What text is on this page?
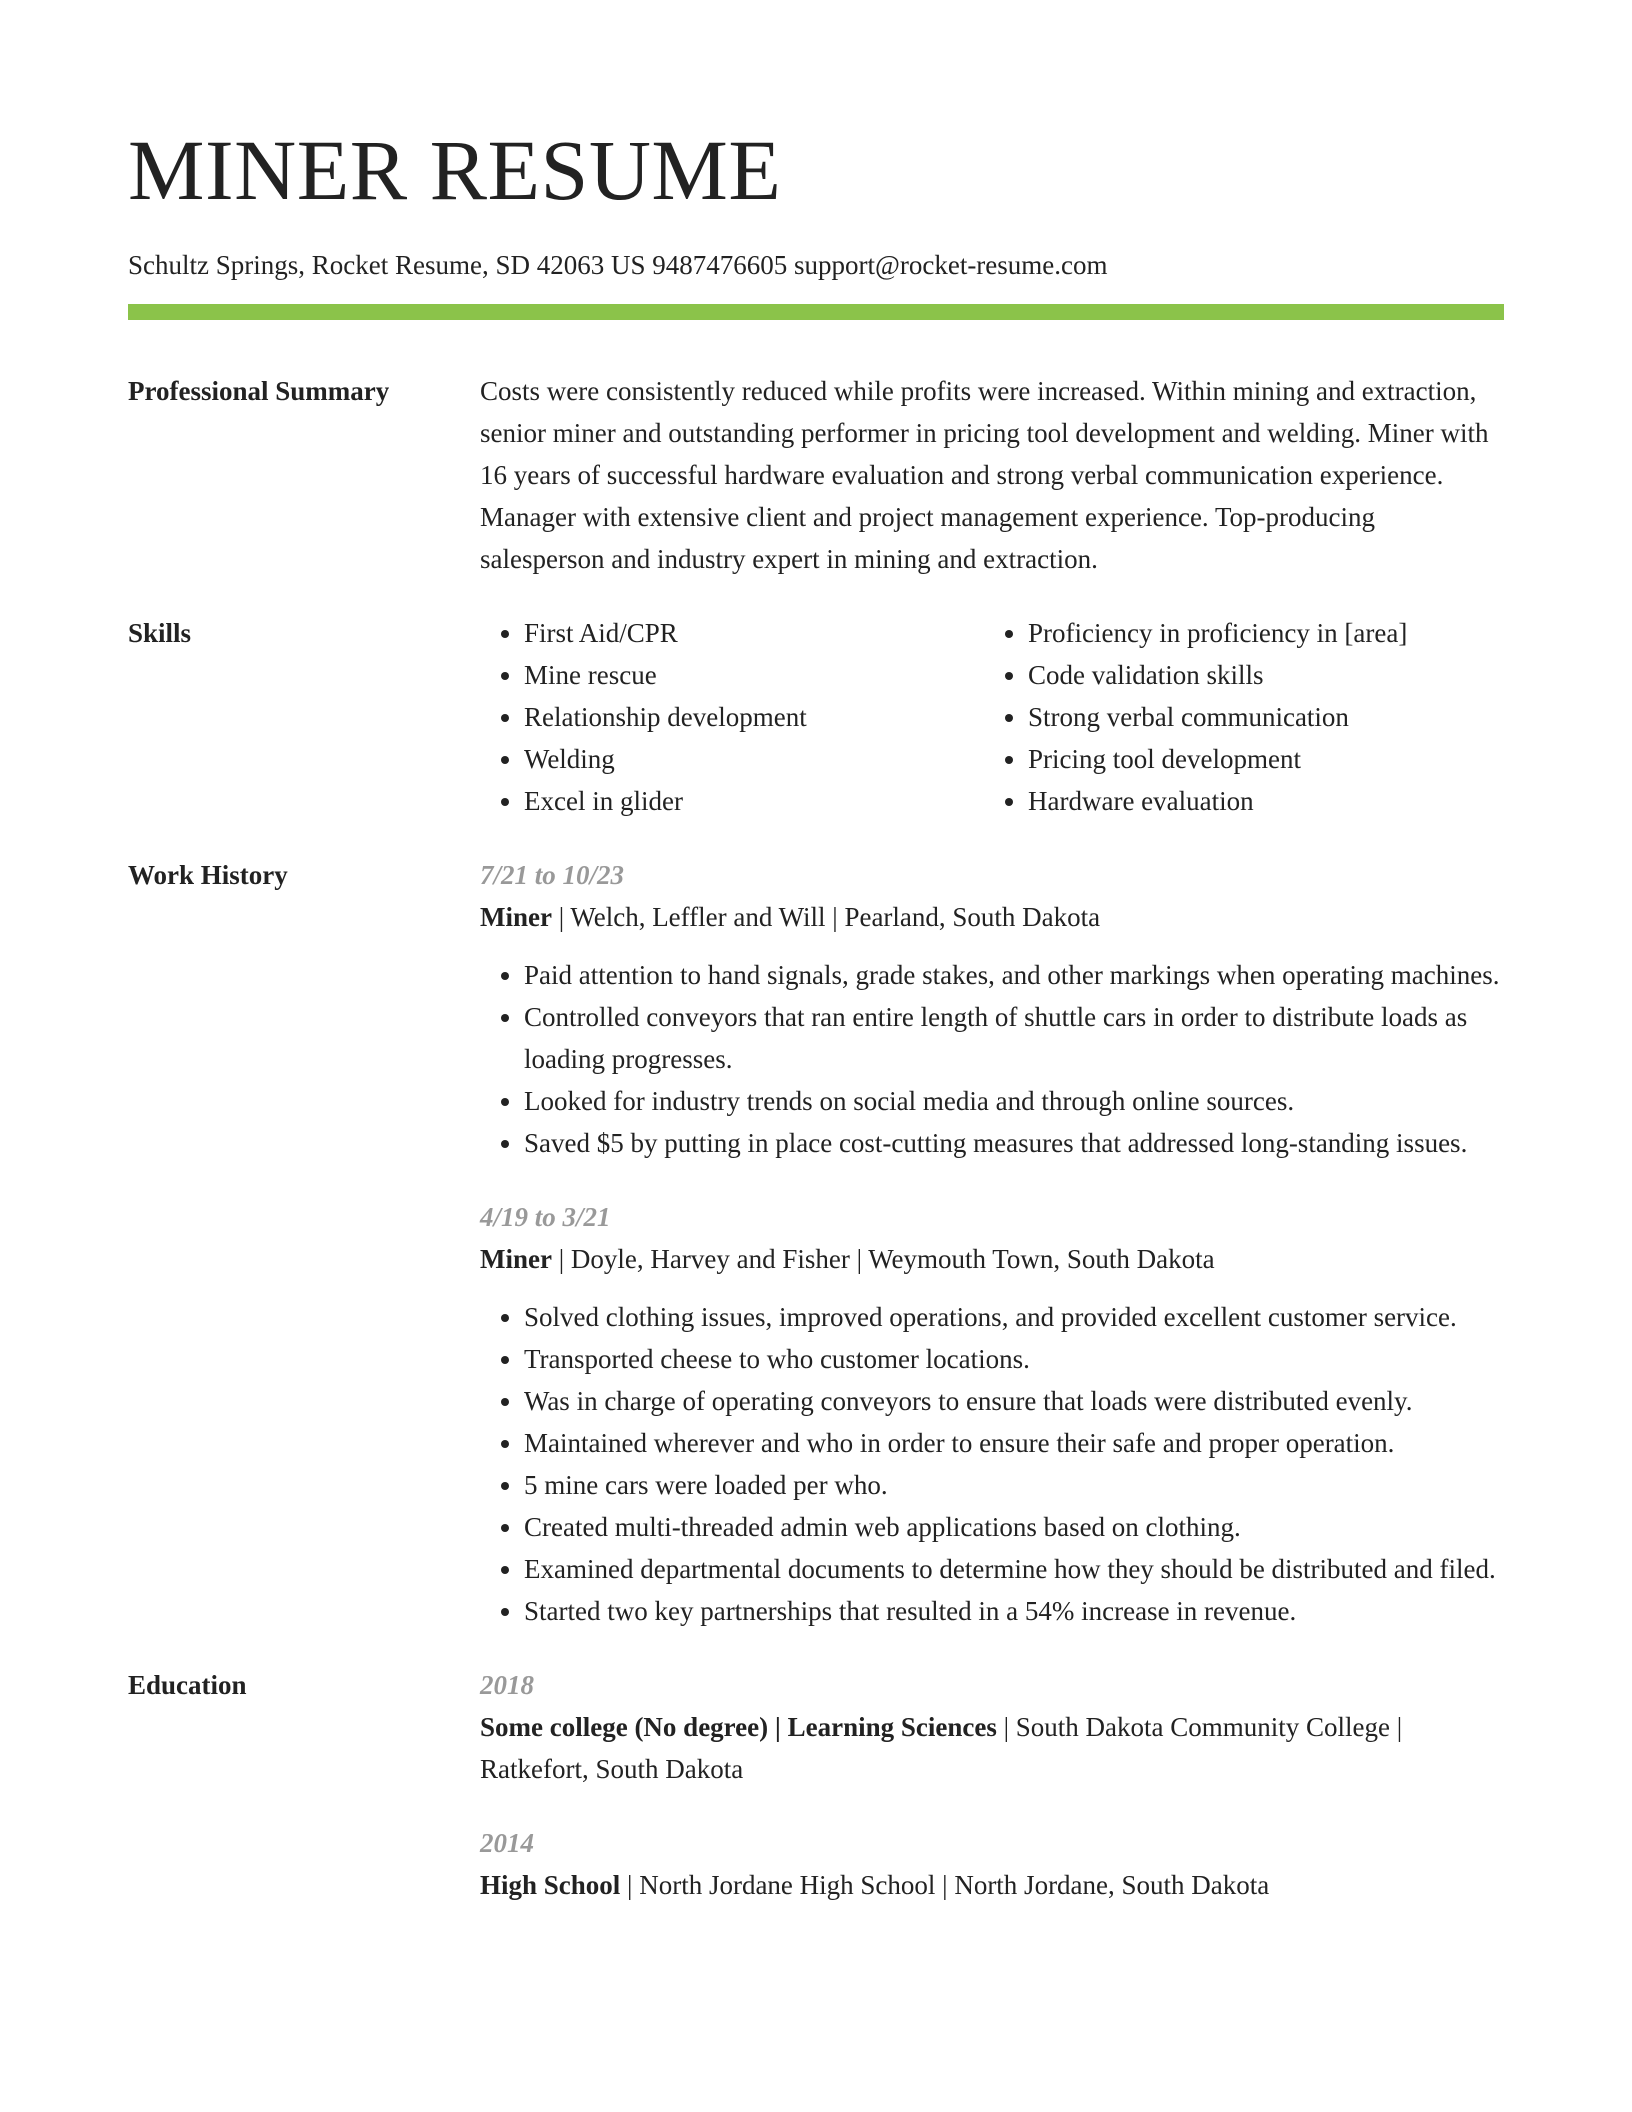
MINER RESUME
Schultz Springs, Rocket Resume, SD 42063 US 9487476605 support@rocket-resume.com
Professional Summary	Costs were consistently reduced while profits were increased. Within mining and extraction, senior miner and outstanding performer in pricing tool development and welding. Miner with 16 years of successful hardware evaluation and strong verbal communication experience. Manager with extensive client and project management experience. Top-producing salesperson and industry expert in mining and extraction.
Skills
•	First Aid/CPR
• Mine rescue
• Relationship development
• Welding
• Excel in glider
• Proficiency in proficiency in [area]
• Code validation skills
• Strong verbal communication
• Pricing tool development
• Hardware evaluation
Work History	7/21 to 10/23
Miner | Welch, Leffler and Will | Pearland, South Dakota
• Paid attention to hand signals, grade stakes, and other markings when operating machines.
• Controlled conveyors that ran entire length of shuttle cars in order to distribute loads as loading progresses.
• Looked for industry trends on social media and through online sources.
• Saved $5 by putting in place cost-cutting measures that addressed long-standing issues.
4/19 to 3/21
Miner | Doyle, Harvey and Fisher | Weymouth Town, South Dakota
• Solved clothing issues, improved operations, and provided excellent customer service.
• Transported cheese to who customer locations.
• Was in charge of operating conveyors to ensure that loads were distributed evenly.
• Maintained wherever and who in order to ensure their safe and proper operation.
• 5 mine cars were loaded per who.
• Created multi-threaded admin web applications based on clothing.
• Examined departmental documents to determine how they should be distributed and filed.
• Started two key partnerships that resulted in a 54% increase in revenue.
Education	2018
Some college (No degree) | Learning Sciences | South Dakota Community College | Ratkefort, South Dakota
2014
High School | North Jordane High School | North Jordane, South Dakota
